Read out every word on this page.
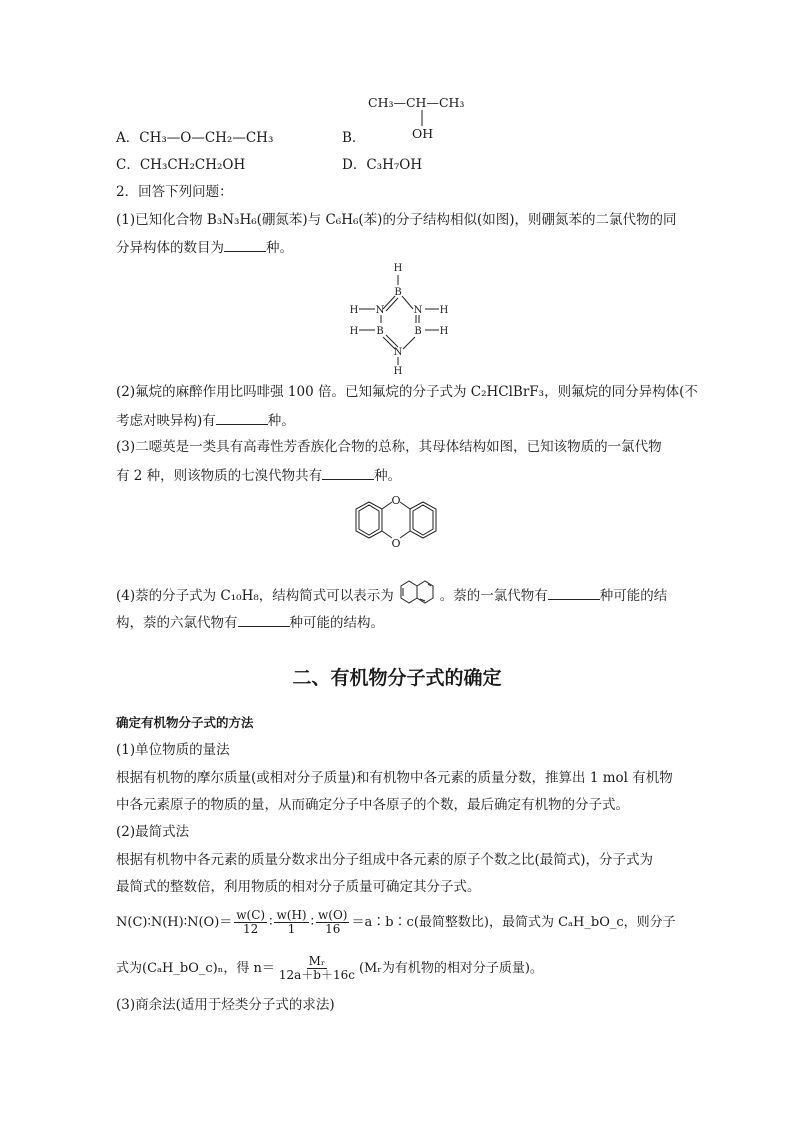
CH₃—CH—CH₃
OH
A．CH₃—O—CH₂—CH₃	B．
C．CH₃CH₂CH₂OH	D．C₃H₇OH
2．回答下列问题：
(1)已知化合物 B₃N₃H₆(硼氮苯)与 C₆H₆(苯)的分子结构相似(如图)，则硼氮苯的二氯代物的同
分异构体的数目为	种。
H
B
N	N
B	B
N
H
H	H
H	H
(2)氟烷的麻醉作用比吗啡强 100 倍。已知氟烷的分子式为 C₂HClBrF₃，则氟烷的同分异构体(不
考虑对映异构)有	种。
(3)二噁英是一类具有高毒性芳香族化合物的总称，其母体结构如图，已知该物质的一氯代物
有 2 种，则该物质的七溴代物共有	种。
O
O
(4)萘的分子式为 C₁₀H₈，结构简式可以表示为	。萘的一氯代物有	种可能的结
构，萘的六氯代物有	种可能的结构。
二、有机物分子式的确定
确定有机物分子式的方法
(1)单位物质的量法
根据有机物的摩尔质量(或相对分子质量)和有机物中各元素的质量分数，推算出 1 mol 有机物
中各元素原子的物质的量，从而确定分子中各原子的个数，最后确定有机物的分子式。
(2)最简式法
根据有机物中各元素的质量分数求出分子组成中各元素的原子个数之比(最简式)，分子式为
最简式的整数倍，利用物质的相对分子质量可确定其分子式。
N(C)∶N(H)∶N(O)＝ $\frac{w(C)}{12}$ ∶ $\frac{w(H)}{1}$ ∶ $\frac{w(O)}{16}$ ＝a∶b∶c(最简整数比)，最简式为 CₐH_bO_c，则分子
式为(CₐH_bO_c)ₙ，得 $n= \frac{\text{Mᵣ}}{12a+b+16c}$ (Mᵣ为有机物的相对分子质量)。
(3)商余法(适用于烃类分子式的求法)
